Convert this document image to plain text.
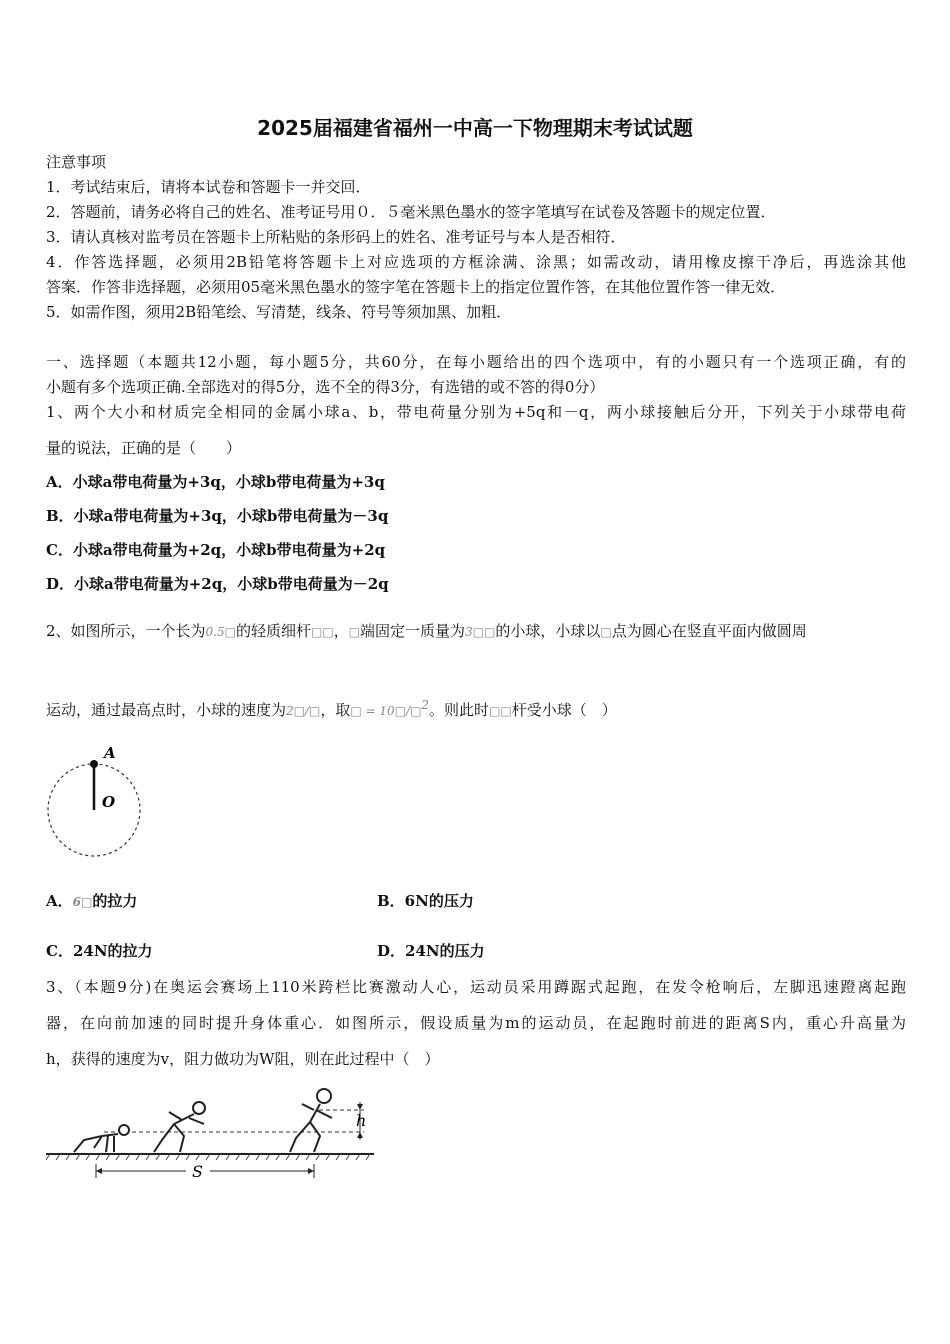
2025届福建省福州一中高一下物理期末考试试题
注意事项
1．考试结束后，请将本试卷和答题卡一并交回．
2．答题前，请务必将自己的姓名、准考证号用０．５毫米黑色墨水的签字笔填写在试卷及答题卡的规定位置．
3．请认真核对监考员在答题卡上所粘贴的条形码上的姓名、准考证号与本人是否相符．
4．作答选择题，必须用2B铅笔将答题卡上对应选项的方框涂满、涂黑；如需改动，请用橡皮擦干净后，再选涂其他
答案．作答非选择题，必须用05毫米黑色墨水的签字笔在答题卡上的指定位置作答，在其他位置作答一律无效．
5．如需作图，须用2B铅笔绘、写清楚，线条、符号等须加黑、加粗．
一、选择题（本题共12小题，每小题5分，共60分，在每小题给出的四个选项中，有的小题只有一个选项正确，有的
小题有多个选项正确.全部选对的得5分，选不全的得3分，有选错的或不答的得0分）
1、两个大小和材质完全相同的金属小球a、b，带电荷量分别为+5q和－q，两小球接触后分开，下列关于小球带电荷
量的说法，正确的是（　　）
A．小球a带电荷量为+3q，小球b带电荷量为+3q
B．小球a带电荷量为+3q，小球b带电荷量为－3q
C．小球a带电荷量为+2q，小球b带电荷量为+2q
D．小球a带电荷量为+2q，小球b带电荷量为－2q
2、如图所示，一个长为0.5□的轻质细杆□□，□端固定一质量为3□□的小球，小球以□点为圆心在竖直平面内做圆周
运动，通过最高点时，小球的速度为2□/□，取□ = 10□/□$^2$。则此时□□杆受小球（　）
A
O
A．6□的拉力	B．6N的压力
C．24N的拉力	D．24N的压力
3、（本题9分)在奥运会赛场上110米跨栏比赛激动人心，运动员采用蹲踞式起跑，在发令枪响后，左脚迅速蹬离起跑
器，在向前加速的同时提升身体重心．如图所示，假设质量为m的运动员，在起跑时前进的距离S内，重心升高量为
h，获得的速度为v，阻力做功为W阻，则在此过程中（　）
h
S
